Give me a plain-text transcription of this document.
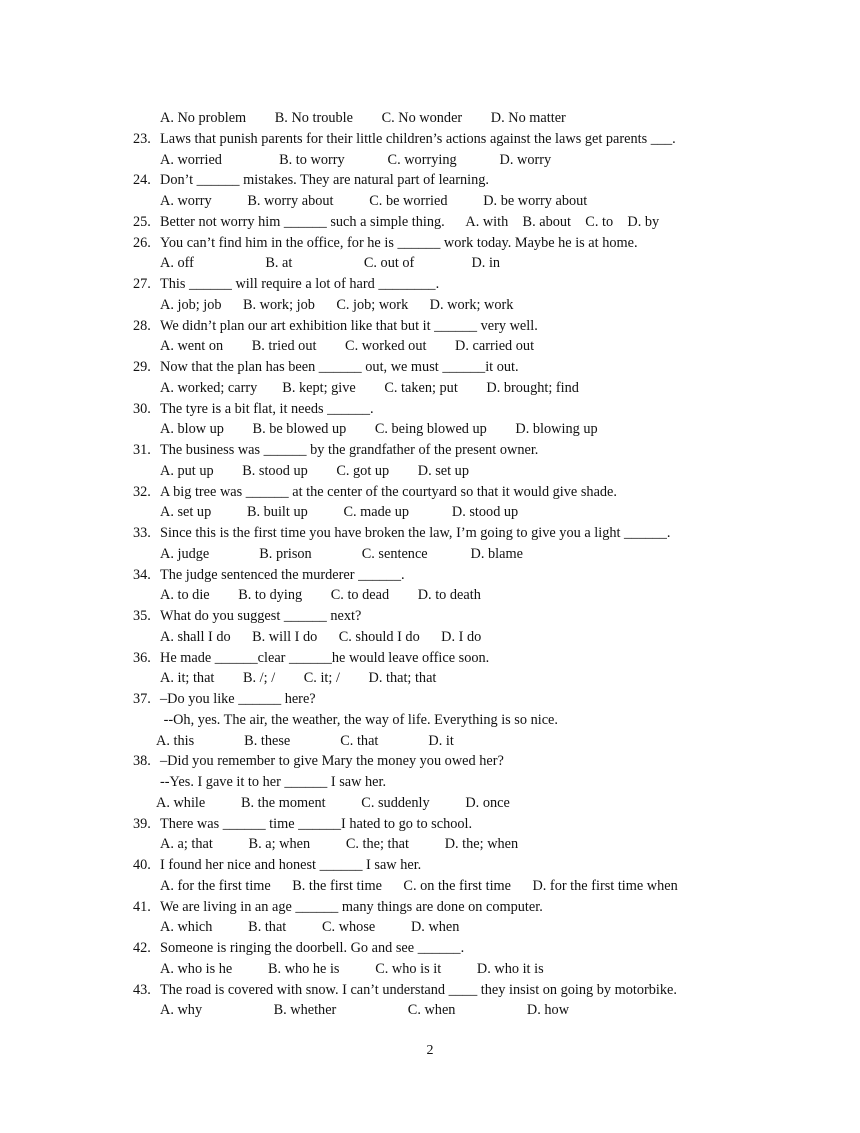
A. No problem        B. No trouble        C. No wonder        D. No matter
23. Laws that punish parents for their little children’s actions against the laws get parents ___.
A. worried                B. to worry            C. worrying            D. worry
24. Don’t ______ mistakes. They are natural part of learning.
A. worry          B. worry about          C. be worried          D. be worry about
25. Better not worry him ______ such a simple thing.      A. with    B. about    C. to    D. by
26. You can’t find him in the office, for he is ______ work today. Maybe he is at home.
A. off                    B. at                    C. out of                D. in
27. This ______ will require a lot of hard ________.
A. job; job      B. work; job      C. job; work      D. work; work
28. We didn’t plan our art exhibition like that but it ______ very well.
A. went on        B. tried out        C. worked out        D. carried out
29. Now that the plan has been ______ out, we must ______it out.
A. worked; carry       B. kept; give        C. taken; put        D. brought; find
30. The tyre is a bit flat, it needs ______.
A. blow up        B. be blowed up        C. being blowed up        D. blowing up
31. The business was ______ by the grandfather of the present owner.
A. put up        B. stood up        C. got up        D. set up
32. A big tree was ______ at the center of the courtyard so that it would give shade.
A. set up          B. built up          C. made up            D. stood up
33. Since this is the first time you have broken the law, I’m going to give you a light ______.
A. judge              B. prison              C. sentence            D. blame
34. The judge sentenced the murderer ______.
A. to die        B. to dying        C. to dead        D. to death
35. What do you suggest ______ next?
A. shall I do      B. will I do      C. should I do      D. I do
36. He made ______clear ______he would leave office soon.
A. it; that        B. /; /        C. it; /        D. that; that
37. –Do you like ______ here?
--Oh, yes. The air, the weather, the way of life. Everything is so nice.
A. this              B. these              C. that              D. it
38. –Did you remember to give Mary the money you owed her?
--Yes. I gave it to her ______ I saw her.
A. while          B. the moment          C. suddenly          D. once
39. There was ______ time ______I hated to go to school.
A. a; that          B. a; when          C. the; that          D. the; when
40. I found her nice and honest ______ I saw her.
A. for the first time      B. the first time      C. on the first time      D. for the first time when
41. We are living in an age ______ many things are done on computer.
A. which          B. that          C. whose          D. when
42. Someone is ringing the doorbell. Go and see ______.
A. who is he          B. who he is          C. who is it          D. who it is
43. The road is covered with snow. I can’t understand ____ they insist on going by motorbike.
A. why                    B. whether                    C. when                    D. how
2
